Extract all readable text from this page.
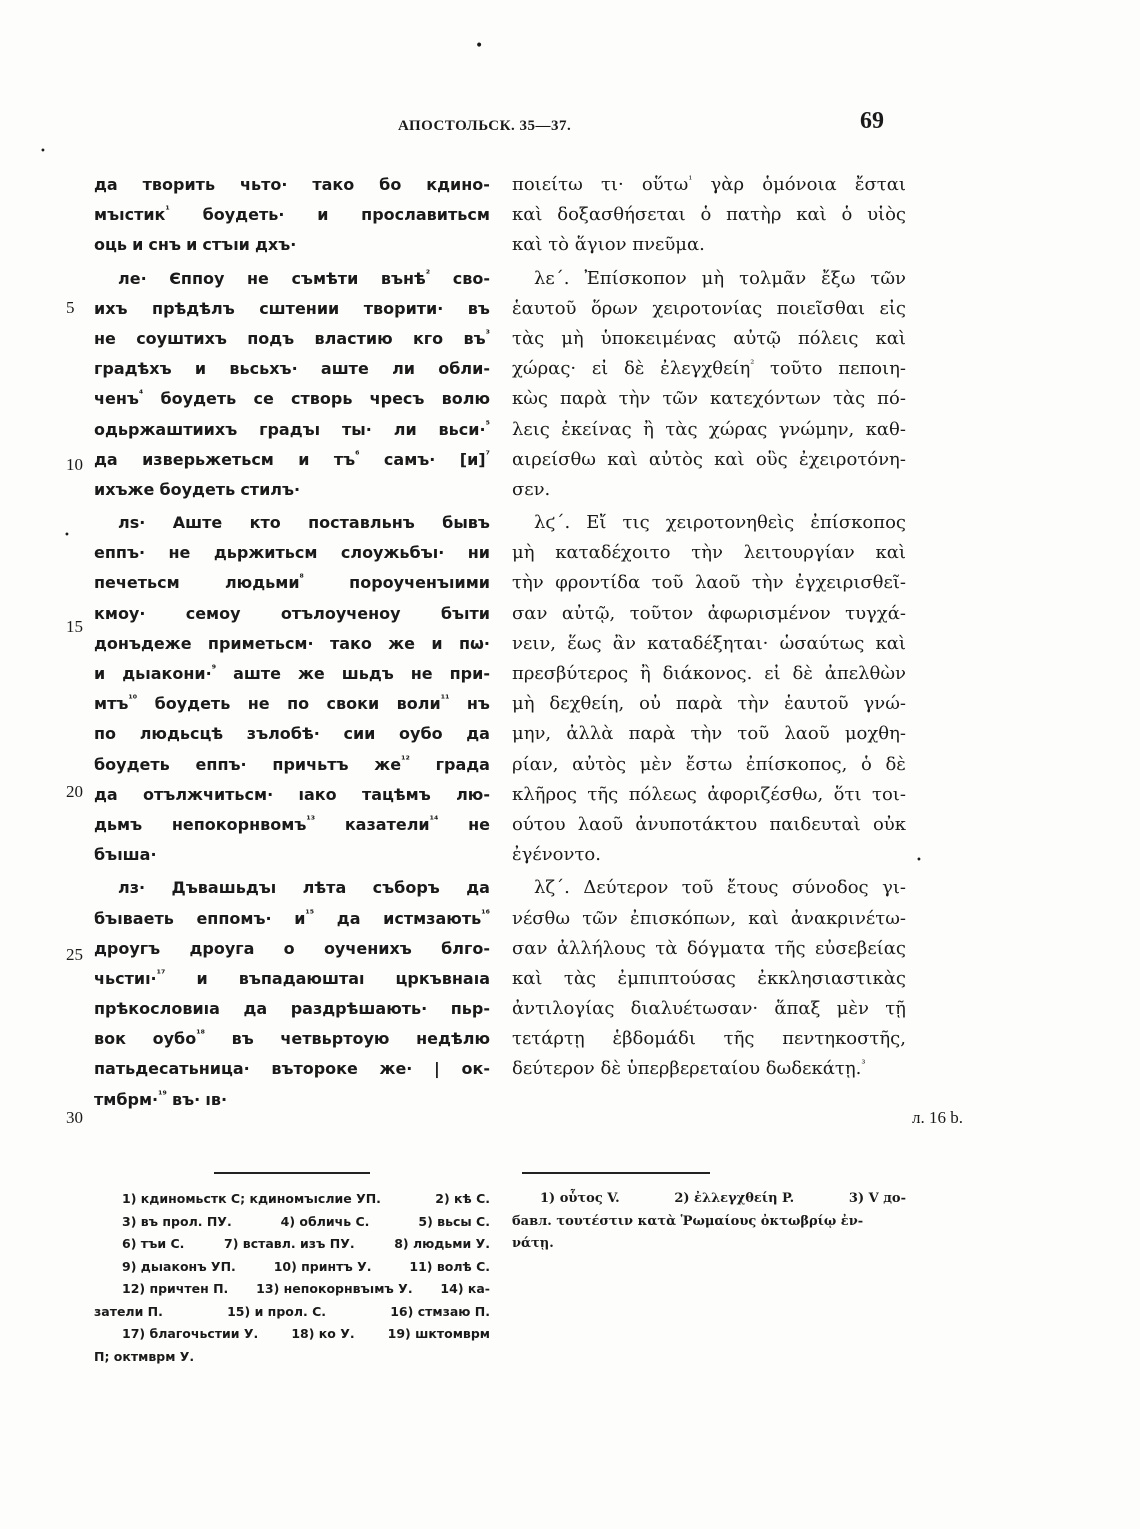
•
•
•
•
АПОСТОЛЬСК. 35—37.	69
да творить чьто· тако бо кдино-
мъıстик$^{^1}$ боудеть· и прославитьсм
оць и снъ и стъıи дхъ·
ле· Єппоу не съмѣти вънѣ$^{^2}$ сво-
ихъ прѣдѣлъ сштении творити· въ
не соуштихъ подъ властию кго $въ^{^3}$
градѣхъ и вьсьхъ· аште ли обли-
ченъ$^{^4}$ боудеть се створь чресъ волю
одьржаштиихъ градъı ты· ли вьси·$^{^5}$
да изверьжетьсм и $тъ^{^6}$ самъ· $[и]^{^7}$
ихъже боудеть стилъ·
лѕ· Аште кто поставльнъ бывъ
еппъ· не дьржитьсм слоужьбъı· ни
печетьсм	людьми$^{^8}$	пороученъıими
кмоу·	семоу	отълоученоу	бъıти
донъдеже приметьсм· тако же и пѡ·
и дьıакони·$^{^9}$ аште же шьдъ не при-
мтъ$^{^{10}}$ боудеть не по своки воли$^{^{11}}$ нъ
по людьсцѣ зълобѣ· сии оубо да
боудеть еппъ· причьтъ $же^{^{12}}$ града
да отължчитьсм· ıако тацѣмъ лю-
дьмъ непокорнвомъ$^{^{13}}$ казатели$^{^{14}}$ не
бъıша·
лз· Дъвашьдъı лѣта съборъ да
бъıваеть еппомъ· $и^{^{15}}$ да истмзають$^{^{16}}$
дроугъ дроуга о оученихъ блго-
чьстиı·$^{^{17}}$ и въпадаюштаı цркъвнаıа
прѣкословиıа да раздрѣшають· пьр-
вок оубо$^{^{18}}$ въ четвьртоую недѣлю
патьдесатьница· вътороке же· | ок-
тмбрм·$^{^{19}}$ въ· ıв·
ποιείτω τι· οὕτω$^{^1}$ γὰρ ὁμόνοια ἔσται
καὶ δοξασθήσεται ὁ πατὴρ καὶ ὁ υἱὸς
καὶ τὸ ἅγιον πνεῦμα.
λε΄. Ἐπίσκοπον μὴ τολμᾶν ἔξω τῶν
ἑαυτοῦ ὅρων χειροτονίας ποιεῖσθαι εἰς
τὰς μὴ ὑποκειμένας αὐτῷ πόλεις καὶ
χώρας· εἰ δὲ ἐλεγχθείη$^{^2}$ τοῦτο πεποιη-
κὼς παρὰ τὴν τῶν κατεχόντων τὰς πό-
λεις ἐκείνας ἢ τὰς χώρας γνώμην, καθ-
αιρείσθω καὶ αὐτὸς καὶ οὓς ἐχειροτόνη-
σεν.
λϛ΄. Εἴ τις χειροτονηθεὶς ἐπίσκοπος
μὴ καταδέχοιτο τὴν λειτουργίαν καὶ
τὴν φροντίδα τοῦ λαοῦ τὴν ἐγχειρισθεῖ-
σαν αὐτῷ, τοῦτον ἀφωρισμένον τυγχά-
νειν, ἕως ἂν καταδέξηται· ὡσαύτως καὶ
πρεσβύτερος ἢ διάκονος. εἰ δὲ ἀπελθὼν
μὴ δεχθείη, οὐ παρὰ τὴν ἑαυτοῦ γνώ-
μην, ἀλλὰ παρὰ τὴν τοῦ λαοῦ μοχθη-
ρίαν, αὐτὸς μὲν ἔστω ἐπίσκοπος, ὁ δὲ
κλῆρος τῆς πόλεως ἀφοριζέσθω, ὅτι τοι-
ούτου λαοῦ ἀνυποτάκτου παιδευταὶ οὐκ
ἐγένοντο.
λζ΄. Δεύτερον τοῦ ἔτους σύνοδος γι-
νέσθω τῶν ἐπισκόπων, καὶ ἀνακρινέτω-
σαν ἀλλήλους τὰ δόγματα τῆς εὐσεβείας
καὶ τὰς ἐμπιπτούσας ἐκκλησιαστικὰς
ἀντιλογίας διαλυέτωσαν· ἅπαξ μὲν τῇ
τετάρτῃ ἑβδομάδι τῆς πεντηκοστῆς,
δεύτερον δὲ ὑπερβερεταίου δωδεκάτῃ.$^{^3}$
5
10
15
20
25
30	л. 16 b.
1) кдиномьстк С; кдиномъıслие УП.	2) кѣ С.
3) въ прол. ПУ.	4) обличь С.	5) вьсы С.
6) тъи С.	7) вставл. изъ ПУ.	8) людьми У.
9) дьıаконъ УП.	10) принтъ У.	11) волѣ С.
12) причтен П. 13) непокорнвъıмъ У. 14) ка-
затели П.	15) и прол. С.	16) стмзаю П.
17) благочьстии У.	18) ко У.	19) шктомврм
П; октмврм У.
1) οὗτος V.	2) ἐλλεγχθείη P.	3) V до-
бавл. τουτέστιν κατὰ Ῥωμαίους ὀκτωβρίῳ ἐν-
νάτῃ.
